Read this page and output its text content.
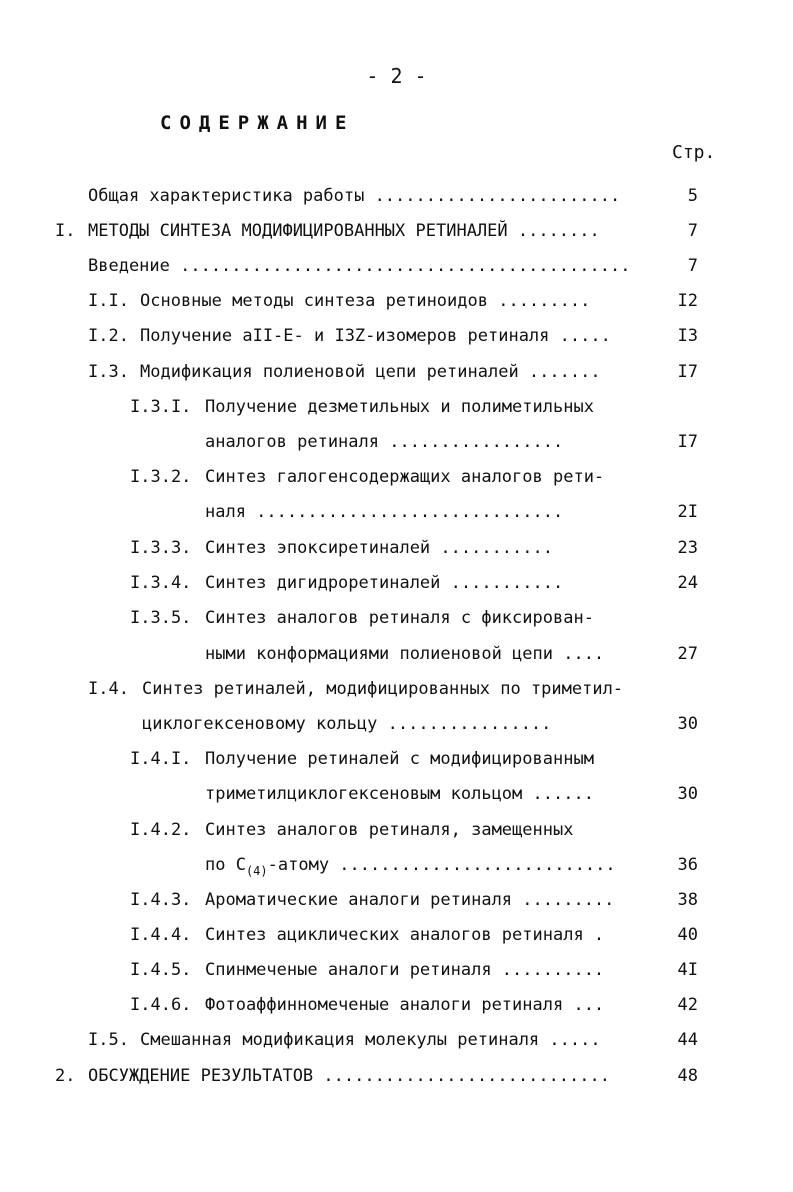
- 2 -
СОДЕРЖАНИЕ
Стр.
Общая характеристика работы ........................	5
I. МЕТОДЫ СИНТЕЗА МОДИФИЦИРОВАННЫХ РЕТИНАЛЕЙ ........	7
Введение ............................................	7
I.I. Основные методы синтеза ретиноидов .........	I2
I.2. Получение аII-E- и I3Z-изомеров ретиналя .....	I3
I.3. Модификация полиеновой цепи ретиналей .......	I7
I.3.I. Получение дезметильных и полиметильных
аналогов ретиналя .................	I7
I.3.2. Синтез галогенсодержащих аналогов рети-
наля ..............................	2I
I.3.3. Синтез эпоксиретиналей ...........	23
I.3.4. Синтез дигидроретиналей ...........	24
I.3.5. Синтез аналогов ретиналя с фиксирован-
ными конформациями полиеновой цепи ....	27
I.4. Синтез ретиналей, модифицированных по триметил-
циклогексеновому кольцу ................	30
I.4.I. Получение ретиналей с модифицированным
триметилциклогексеновым кольцом ......	30
I.4.2. Синтез аналогов ретиналя, замещенных
по $С_{(4)}$-атому ...........................	36
I.4.3. Ароматические аналоги ретиналя .........	38
I.4.4. Синтез ациклических аналогов ретиналя .	40
I.4.5. Спинмеченые аналоги ретиналя ..........	4I
I.4.6. Фотоаффинномеченые аналоги ретиналя ...	42
I.5. Смешанная модификация молекулы ретиналя .....	44
2. ОБСУЖДЕНИЕ РЕЗУЛЬТАТОВ ............................	48
